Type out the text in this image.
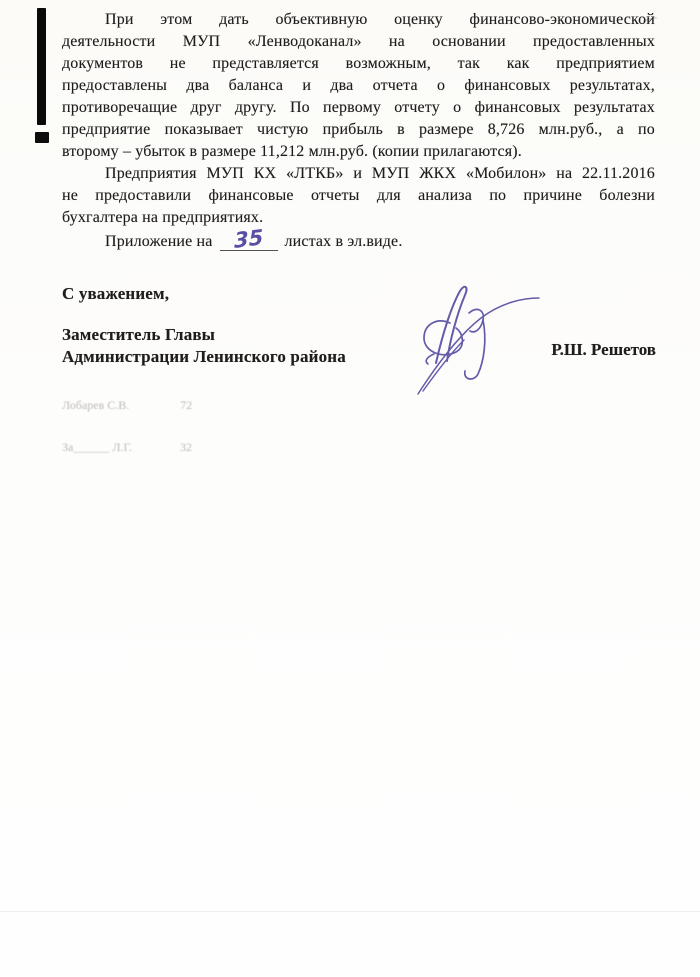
При этом дать объективную оценку финансово-экономической
деятельности МУП «Ленводоканал» на основании предоставленных
документов не представляется возможным, так как предприятием
предоставлены два баланса и два отчета о финансовых результатах,
противоречащие друг другу. По первому отчету о финансовых результатах
предприятие показывает чистую прибыль в размере 8,726 млн.руб., а по
второму – убыток в размере 11,212 млн.руб. (копии прилагаются).
Предприятия МУП КХ «ЛТКБ» и МУП ЖКХ «Мобилон» на 22.11.2016
не предоставили финансовые отчеты для анализа по причине болезни
бухгалтера на предприятиях.
Приложение на	35	листах в эл.виде.
С уважением,
Заместитель Главы
Администрации Ленинского района	Р.Ш. Решетов

Лобарев С.В.                 72

За______ Л.Г.                32
